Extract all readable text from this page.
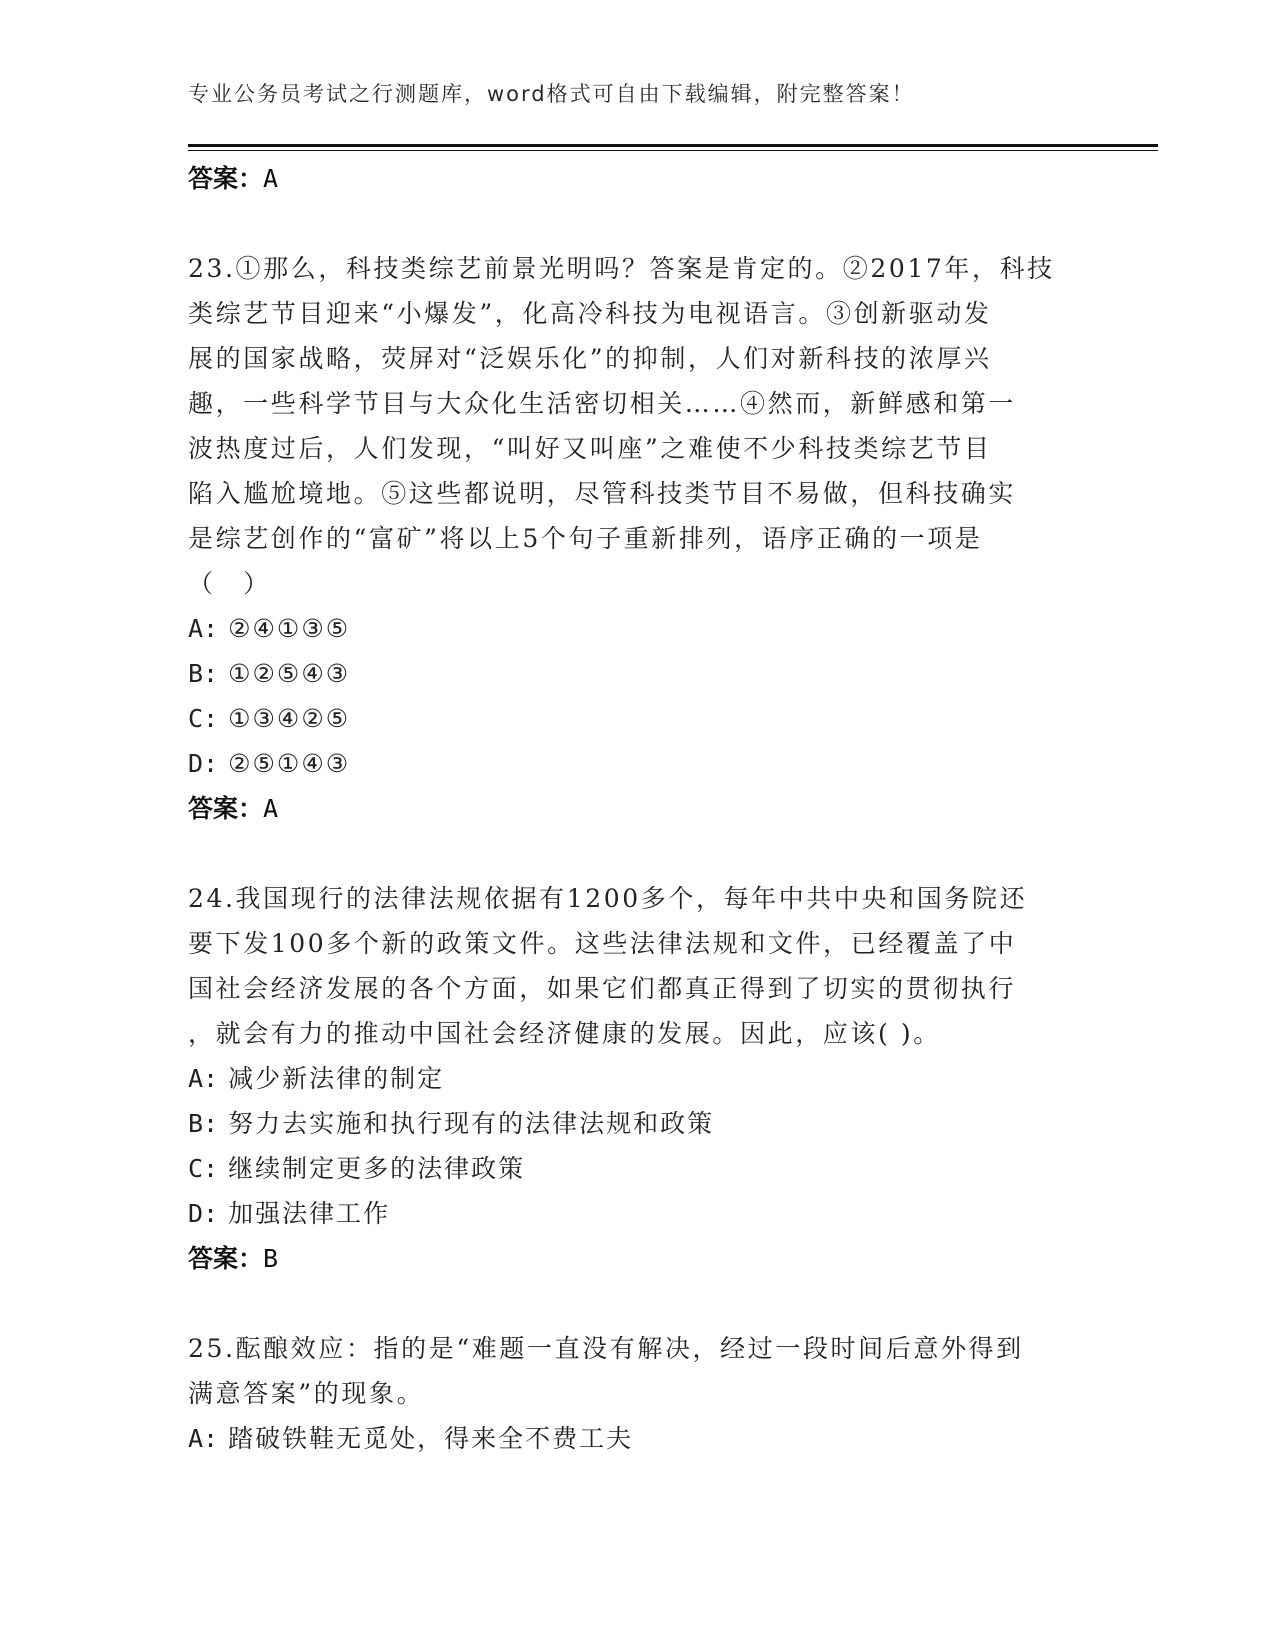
专业公务员考试之行测题库，word格式可自由下载编辑，附完整答案！
答案：A
23.①那么，科技类综艺前景光明吗？答案是肯定的。②2017年，科技
类综艺节目迎来“小爆发”，化高冷科技为电视语言。③创新驱动发
展的国家战略，荧屏对“泛娱乐化”的抑制，人们对新科技的浓厚兴
趣，一些科学节目与大众化生活密切相关……④然而，新鲜感和第一
波热度过后，人们发现，“叫好又叫座”之难使不少科技类综艺节目
陷入尴尬境地。⑤这些都说明，尽管科技类节目不易做，但科技确实
是综艺创作的“富矿”将以上5个句子重新排列，语序正确的一项是
（　）
A: ②④①③⑤
B: ①②⑤④③
C: ①③④②⑤
D: ②⑤①④③
答案：A
24.我国现行的法律法规依据有1200多个，每年中共中央和国务院还
要下发100多个新的政策文件。这些法律法规和文件，已经覆盖了中
国社会经济发展的各个方面，如果它们都真正得到了切实的贯彻执行
，就会有力的推动中国社会经济健康的发展。因此，应该( )。
A: 减少新法律的制定
B: 努力去实施和执行现有的法律法规和政策
C: 继续制定更多的法律政策
D: 加强法律工作
答案：B
25.酝酿效应：指的是“难题一直没有解决，经过一段时间后意外得到
满意答案”的现象。
A: 踏破铁鞋无觅处，得来全不费工夫
